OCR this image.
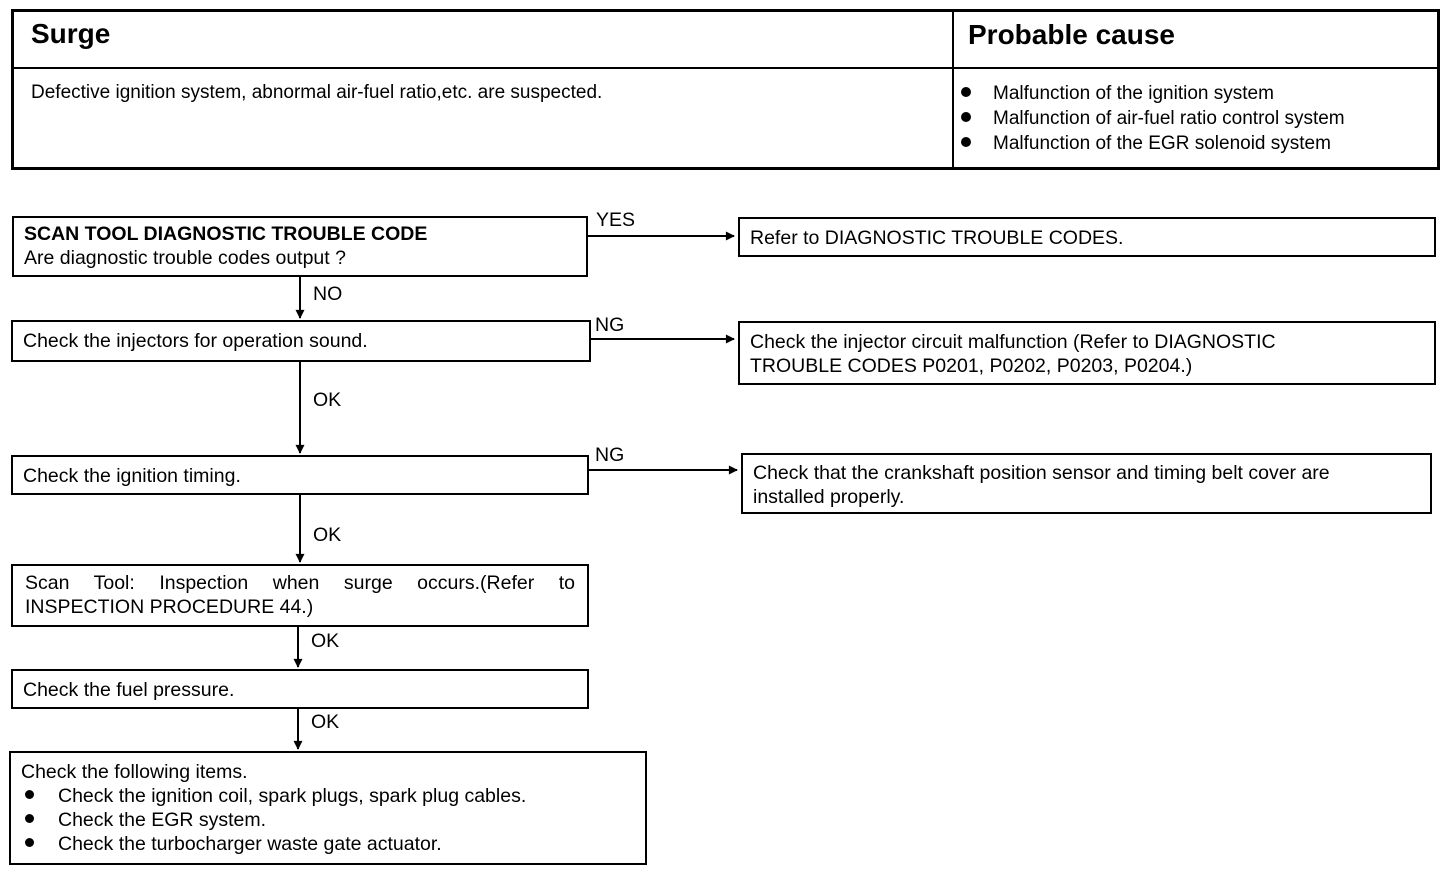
Surge	Probable cause
Defective ignition system, abnormal air-fuel ratio,etc. are suspected.	Malfunction of the ignition system
Malfunction of air-fuel ratio control system
Malfunction of the EGR solenoid system
SCAN TOOL DIAGNOSTIC TROUBLE CODE
Are diagnostic trouble codes output ?
YES
Refer to DIAGNOSTIC TROUBLE CODES.
NO
Check the injectors for operation sound.
NG
Check the injector circuit malfunction (Refer to DIAGNOSTIC
TROUBLE CODES P0201, P0202, P0203, P0204.)
OK
Check the ignition timing.
NG
Check that the crankshaft position sensor and timing belt cover are
installed properly.
OK
Scan Tool: Inspection when surge occurs.(Refer to
INSPECTION PROCEDURE 44.)
OK
Check the fuel pressure.
OK
Check the following items.
Check the ignition coil, spark plugs, spark plug cables.
Check the EGR system.
Check the turbocharger waste gate actuator.
